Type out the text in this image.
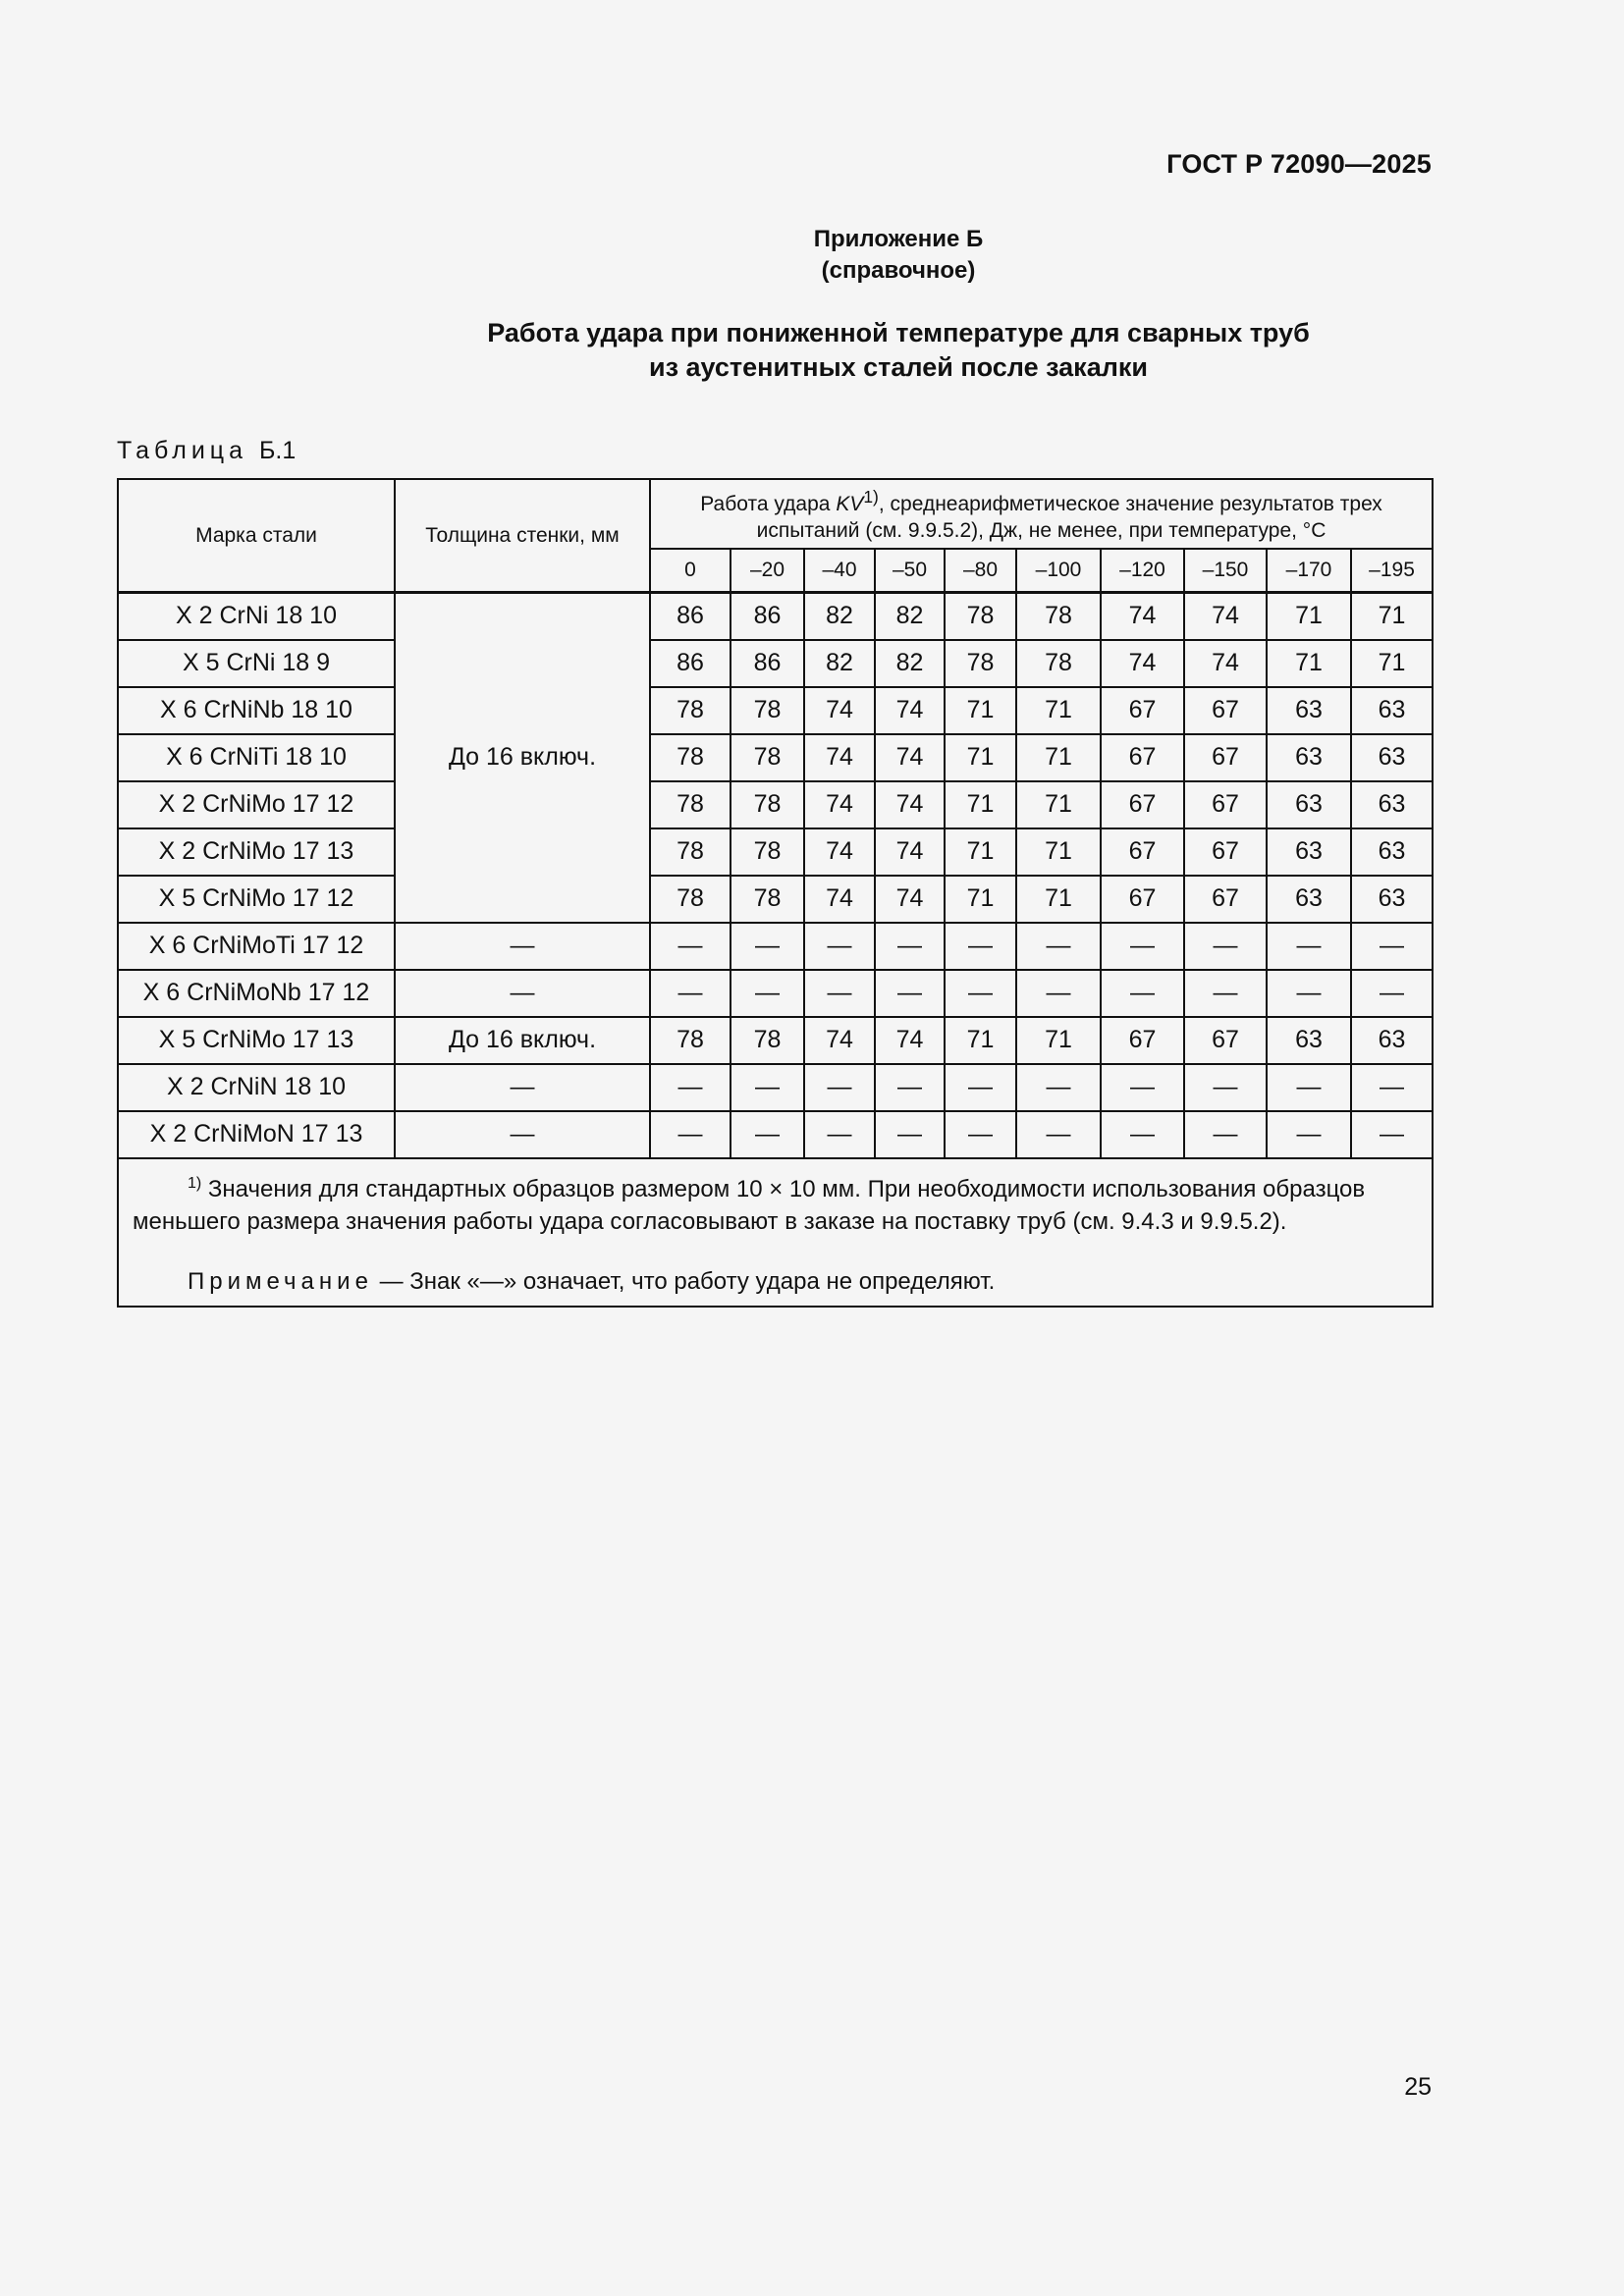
ГОСТ Р 72090—2025
Приложение Б
(справочное)
Работа удара при пониженной температуре для сварных труб
из аустенитных сталей после закалки
Таблица Б.1
Марка стали	Толщина стенки, мм	Работа удара KV$^{1)}$, среднеарифметическое значение результатов трех испытаний (см. 9.9.5.2), Дж, не менее, при температуре, °С									
		0	–20	–40	–50	–80	–100	–120	–150	–170	–195
X 2 CrNi 18 10	До 16 включ.	86	86	82	82	78	78	74	74	71	71
X 5 CrNi 18 9		86	86	82	82	78	78	74	74	71	71
X 6 CrNiNb 18 10		78	78	74	74	71	71	67	67	63	63
X 6 CrNiTi 18 10		78	78	74	74	71	71	67	67	63	63
X 2 CrNiMo 17 12		78	78	74	74	71	71	67	67	63	63
X 2 CrNiMo 17 13		78	78	74	74	71	71	67	67	63	63
X 5 CrNiMo 17 12		78	78	74	74	71	71	67	67	63	63
X 6 CrNiMoTi 17 12	—	—	—	—	—	—	—	—	—	—	—
X 6 CrNiMoNb 17 12	—	—	—	—	—	—	—	—	—	—	—
X 5 CrNiMo 17 13	До 16 включ.	78	78	74	74	71	71	67	67	63	63
X 2 CrNiN 18 10	—	—	—	—	—	—	—	—	—	—	—
X 2 CrNiMoN 17 13	—	—	—	—	—	—	—	—	—	—	—

$^{1)}$ Значения для стандартных образцов размером 10 × 10 мм. При необходимости использования образцов меньшего размера значения работы удара согласовывают в заказе на поставку труб (см. 9.4.3 и 9.9.5.2).
Примечание — Знак «—» означает, что работу удара не определяют.											
25
